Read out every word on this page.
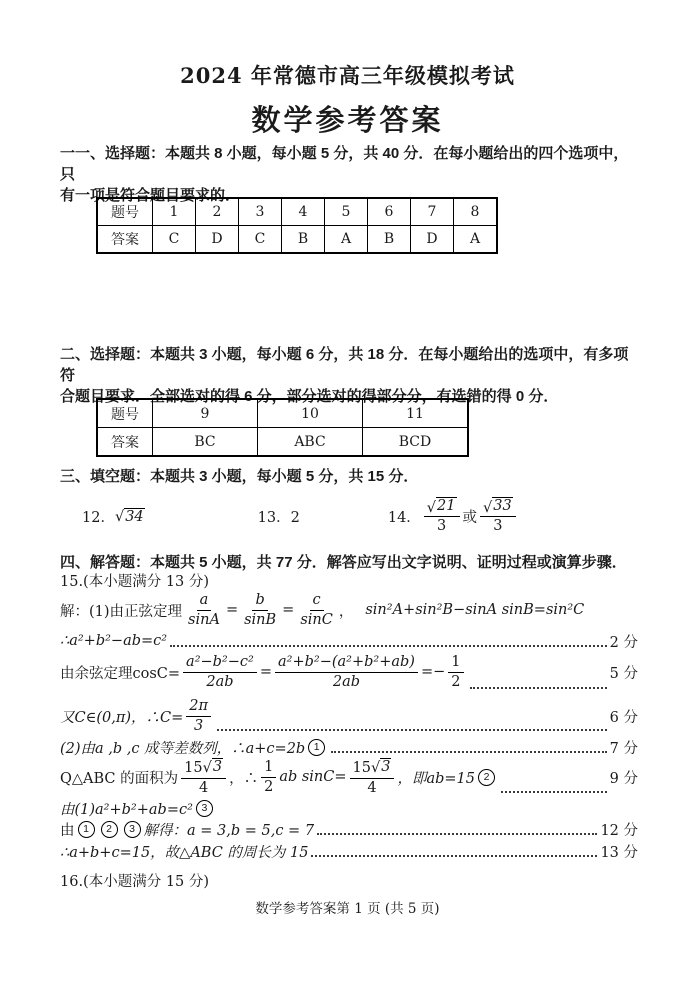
2024 年常德市高三年级模拟考试
数学参考答案
一一、选择题：本题共 8 小题，每小题 5 分，共 40 分．在每小题给出的四个选项中，只
有一项是符合题目要求的．
题号	1	2	3	4	5	6	7	8
答案	C	D	C	B	A	B	D	A
二、选择题：本题共 3 小题，每小题 6 分，共 18 分．在每小题给出的选项中，有多项符
合题目要求．全部选对的得 6 分，部分选对的得部分分，有选错的得 0 分．
题号	9	10	11
答案	BC	ABC	BCD
三、填空题：本题共 3 小题，每小题 5 分，共 15 分．
12． √ 34	13．2	14． $\frac{√ 21}{3}$ 或 $\frac{√ 33}{3}$
四、解答题：本题共 5 小题，共 77 分．解答应写出文字说明、证明过程或演算步骤．
15.(本小题满分 13 分)
解：(1)由正弦定理 $\frac{a}{\sin A} = \frac{b}{\sin B} = \frac{c}{\sin C}$ ， sin²A+sin²B−sinA sinB=sin²C
∴a²+b²−ab=c²	2 分
由余弦定理$\cos C= \frac{\text{a²−b²−c²}}{2ab} = \frac{\text{a²+b²−(a²+b²+ab)}}{2ab} =- \frac{1}{2}$	5 分
又C∈(0,π)，∴C= $\frac{2\pi}{3}$	6 分
(2)由a ,b ,c 成等差数列，∴a+c=2b 1	7 分
Q△ABC 的面积为 $\frac{15 √ 3}{4}$ ，∴ $\frac{1}{2}$ ab $\sin C= \frac{15 √ 3}{4}$ ，即ab=15 2	9 分
由(1)a²+b²+ab=c² 3
由 1	2	3 解得：a = 3,b = 5,c = 7	12 分
∴a+b+c=15，故△ABC 的周长为 15	13 分
16.(本小题满分 15 分)
数学参考答案第 1 页 (共 5 页)
